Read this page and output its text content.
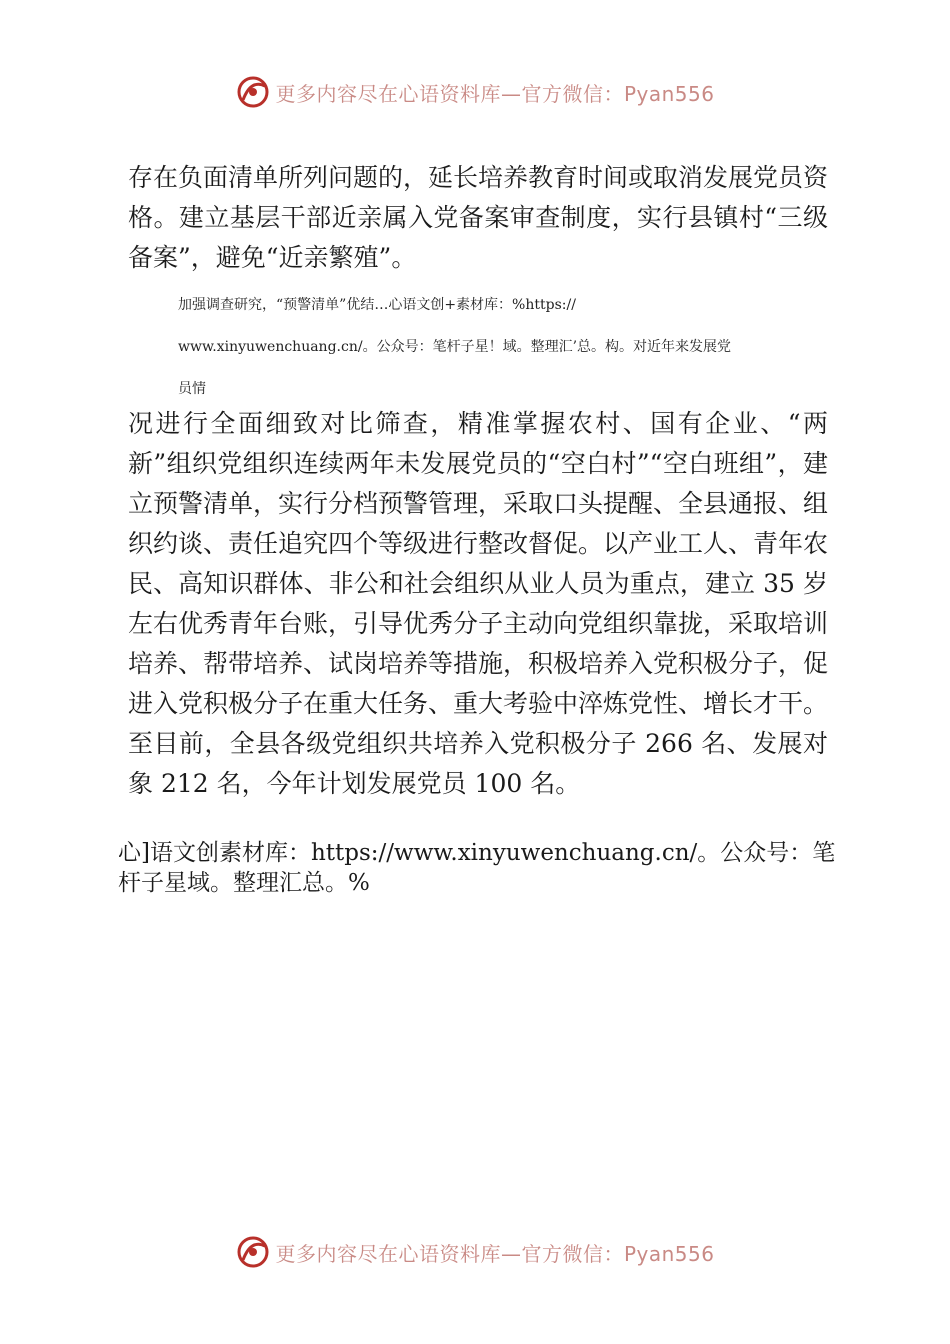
更多内容尽在心语资料库—官方微信：Pyan556

存在负面清单所列问题的，延长培养教育时间或取消发展党员资格。建立基层干部近亲属入党备案审查制度，实行县镇村“三级备案”，避免“近亲繁殖”。

加强调查研究，“预警清单”优结…心语文创+素材库：%https://

www.xinyuwenchuang.cn/。公众号：笔杆子星！域。整理汇’总。构。对近年来发展党

员情

况进行全面细致对比筛查，精准掌握农村、国有企业、“两新”组织党组织连续两年未发展党员的“空白村”“空白班组”，建立预警清单，实行分档预警管理，采取口头提醒、全县通报、组织约谈、责任追究四个等级进行整改督促。以产业工人、青年农民、高知识群体、非公和社会组织从业人员为重点，建立 35 岁左右优秀青年台账，引导优秀分子主动向党组织靠拢，采取培训培养、帮带培养、试岗培养等措施，积极培养入党积极分子，促进入党积极分子在重大任务、重大考验中淬炼党性、增长才干。至目前，全县各级党组织共培养入党积极分子 266 名、发展对象 212 名，今年计划发展党员 100 名。

心]语文创素材库：https://www.xinyuwenchuang.cn/。公众号：笔杆子星域。整理汇总。%

更多内容尽在心语资料库—官方微信：Pyan556
